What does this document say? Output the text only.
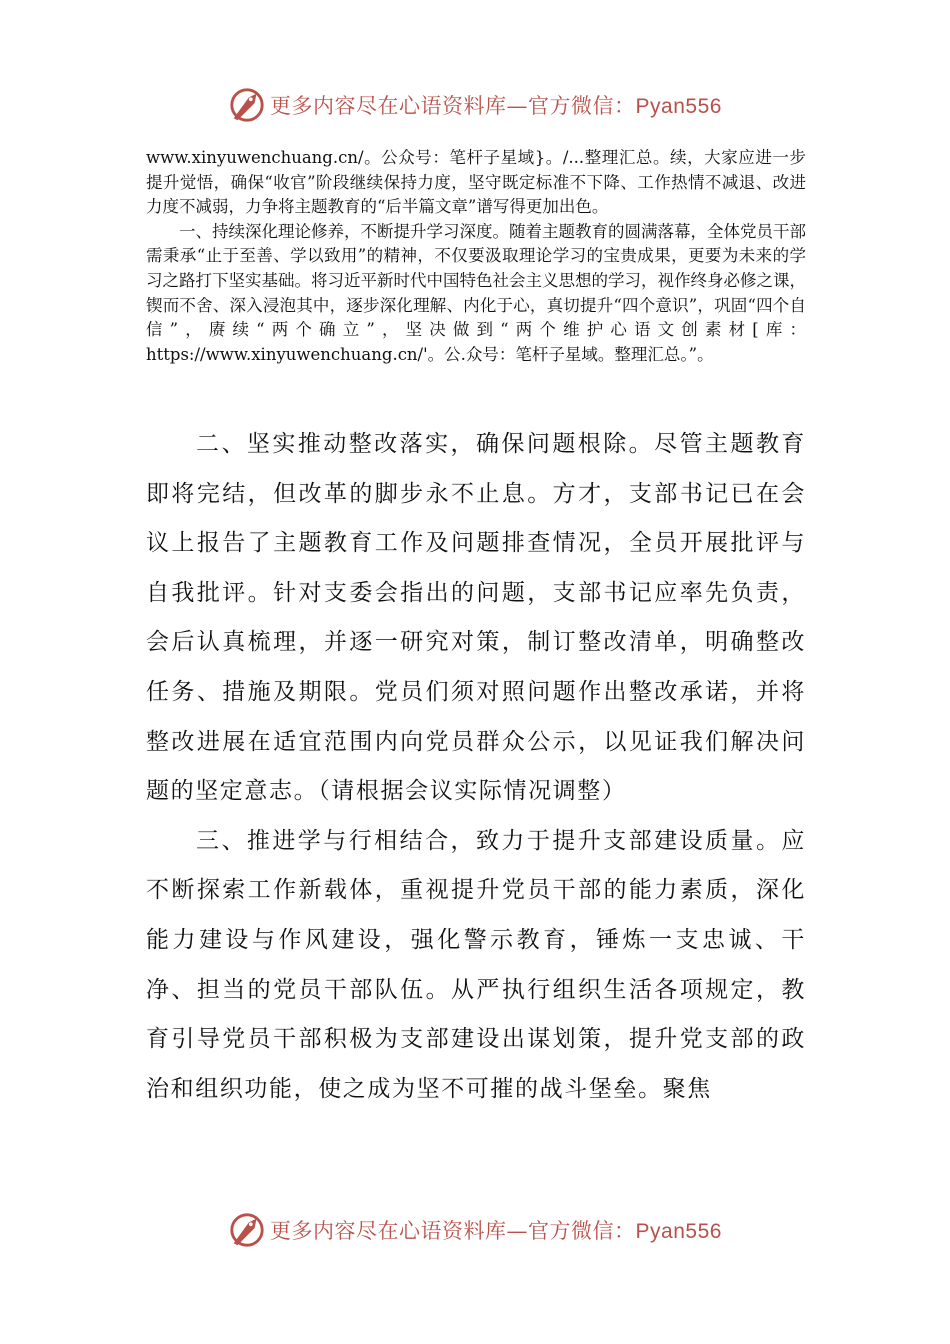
更多内容尽在心语资料库—官方微信：Pyan556

www.xinyuwenchuang.cn/。公众号：笔杆子星域}。/...整理汇总。续，大家应进一步提升觉悟，确保“收官”阶段继续保持力度，坚守既定标准不下降、工作热情不减退、改进力度不减弱，力争将主题教育的“后半篇文章”谱写得更加出色。

一、持续深化理论修养，不断提升学习深度。随着主题教育的圆满落幕，全体党员干部需秉承“止于至善、学以致用”的精神，不仅要汲取理论学习的宝贵成果，更要为未来的学习之路打下坚实基础。将习近平新时代中国特色社会主义思想的学习，视作终身必修之课，锲而不舍、深入浸泡其中，逐步深化理解、内化于心，真切提升“四个意识”，巩固“四个自信”，赓续“两个确立”，坚决做到“两个维护心语文创素材[库：https://www.xinyuwenchuang.cn/'。公.众号：笔杆子星域。整理汇总。”。

二、坚实推动整改落实，确保问题根除。尽管主题教育即将完结，但改革的脚步永不止息。方才，支部书记已在会议上报告了主题教育工作及问题排查情况，全员开展批评与自我批评。针对支委会指出的问题，支部书记应率先负责，会后认真梳理，并逐一研究对策，制订整改清单，明确整改任务、措施及期限。党员们须对照问题作出整改承诺，并将整改进展在适宜范围内向党员群众公示，以见证我们解决问题的坚定意志。（请根据会议实际情况调整）

三、推进学与行相结合，致力于提升支部建设质量。应不断探索工作新载体，重视提升党员干部的能力素质，深化能力建设与作风建设，强化警示教育，锤炼一支忠诚、干净、担当的党员干部队伍。从严执行组织生活各项规定，教育引导党员干部积极为支部建设出谋划策，提升党支部的政治和组织功能，使之成为坚不可摧的战斗堡垒。聚焦

更多内容尽在心语资料库—官方微信：Pyan556
